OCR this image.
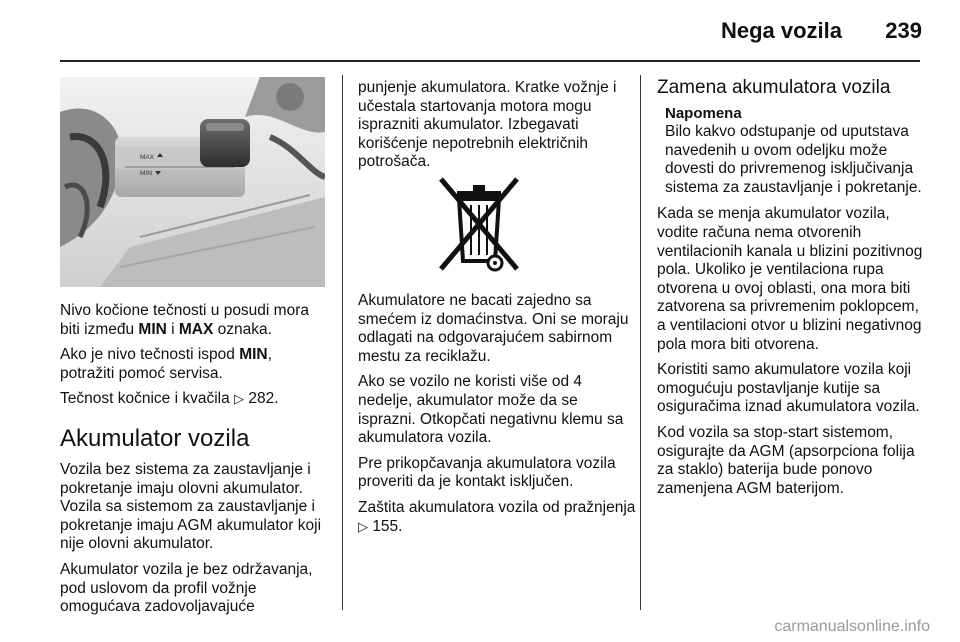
Nega vozila 239
MAX
MIN

Nivo kočione tečnosti u posudi mora biti između MIN i MAX oznaka.

Ako je nivo tečnosti ispod MIN,
potražiti pomoć servisa.

Tečnost kočnice i kvačila ▷ 282.

Akumulator vozila

Vozila bez sistema za zaustavljanje i pokretanje imaju olovni akumulator. Vozila sa sistemom za zaustavljanje i pokretanje imaju AGM akumulator koji nije olovni akumulator.

Akumulator vozila je bez održavanja, pod uslovom da profil vožnje omogućava zadovoljavajuće

punjenje akumulatora. Kratke vožnje i učestala startovanja motora mogu isprazniti akumulator. Izbegavati korišćenje nepotrebnih električnih potrošača.

Akumulatore ne bacati zajedno sa smećem iz domaćinstva. Oni se moraju odlagati na odgovarajućem sabirnom mestu za reciklažu.

Ako se vozilo ne koristi više od 4 nedelje, akumulator može da se isprazni. Otkopčati negativnu klemu sa akumulatora vozila.

Pre prikopčavanja akumulatora vozila proveriti da je kontakt isključen.

Zaštita akumulatora vozila od pražnjenja ▷ 155.

Zamena akumulatora vozila
Napomena

Bilo kakvo odstupanje od uputstava navedenih u ovom odeljku može dovesti do privremenog isključivanja sistema za zaustavljanje i pokretanje.

Kada se menja akumulator vozila, vodite računa nema otvorenih ventilacionih kanala u blizini pozitivnog pola. Ukoliko je ventilaciona rupa otvorena u ovoj oblasti, ona mora biti zatvorena sa privremenim poklopcem, a ventilacioni otvor u blizini negativnog pola mora biti otvorena.

Koristiti samo akumulatore vozila koji omogućuju postavljanje kutije sa osiguračima iznad akumulatora vozila.

Kod vozila sa stop-start sistemom, osigurajte da AGM (apsorpciona folija za staklo) baterija bude ponovo zamenjena AGM baterijom.

carmanualsonline.info
